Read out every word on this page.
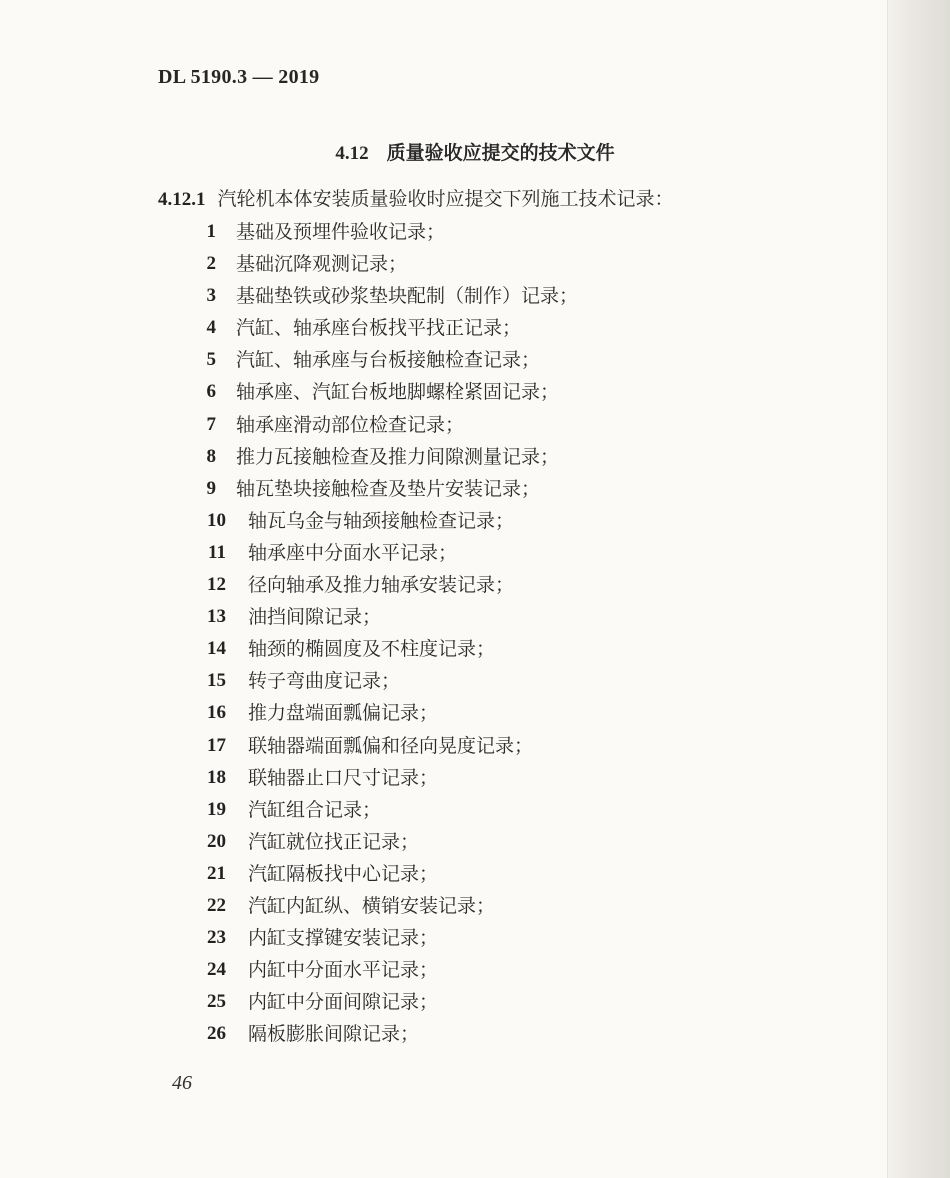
DL 5190.3 — 2019
4.12 质量验收应提交的技术文件
4.12.1 汽轮机本体安装质量验收时应提交下列施工技术记录：
1 基础及预埋件验收记录；
2 基础沉降观测记录；
3 基础垫铁或砂浆垫块配制（制作）记录；
4 汽缸、轴承座台板找平找正记录；
5 汽缸、轴承座与台板接触检查记录；
6 轴承座、汽缸台板地脚螺栓紧固记录；
7 轴承座滑动部位检查记录；
8 推力瓦接触检查及推力间隙测量记录；
9 轴瓦垫块接触检查及垫片安装记录；
10 轴瓦乌金与轴颈接触检查记录；
11 轴承座中分面水平记录；
12 径向轴承及推力轴承安装记录；
13 油挡间隙记录；
14 轴颈的椭圆度及不柱度记录；
15 转子弯曲度记录；
16 推力盘端面瓢偏记录；
17 联轴器端面瓢偏和径向晃度记录；
18 联轴器止口尺寸记录；
19 汽缸组合记录；
20 汽缸就位找正记录；
21 汽缸隔板找中心记录；
22 汽缸内缸纵、横销安装记录；
23 内缸支撑键安装记录；
24 内缸中分面水平记录；
25 内缸中分面间隙记录；
26 隔板膨胀间隙记录；
46
